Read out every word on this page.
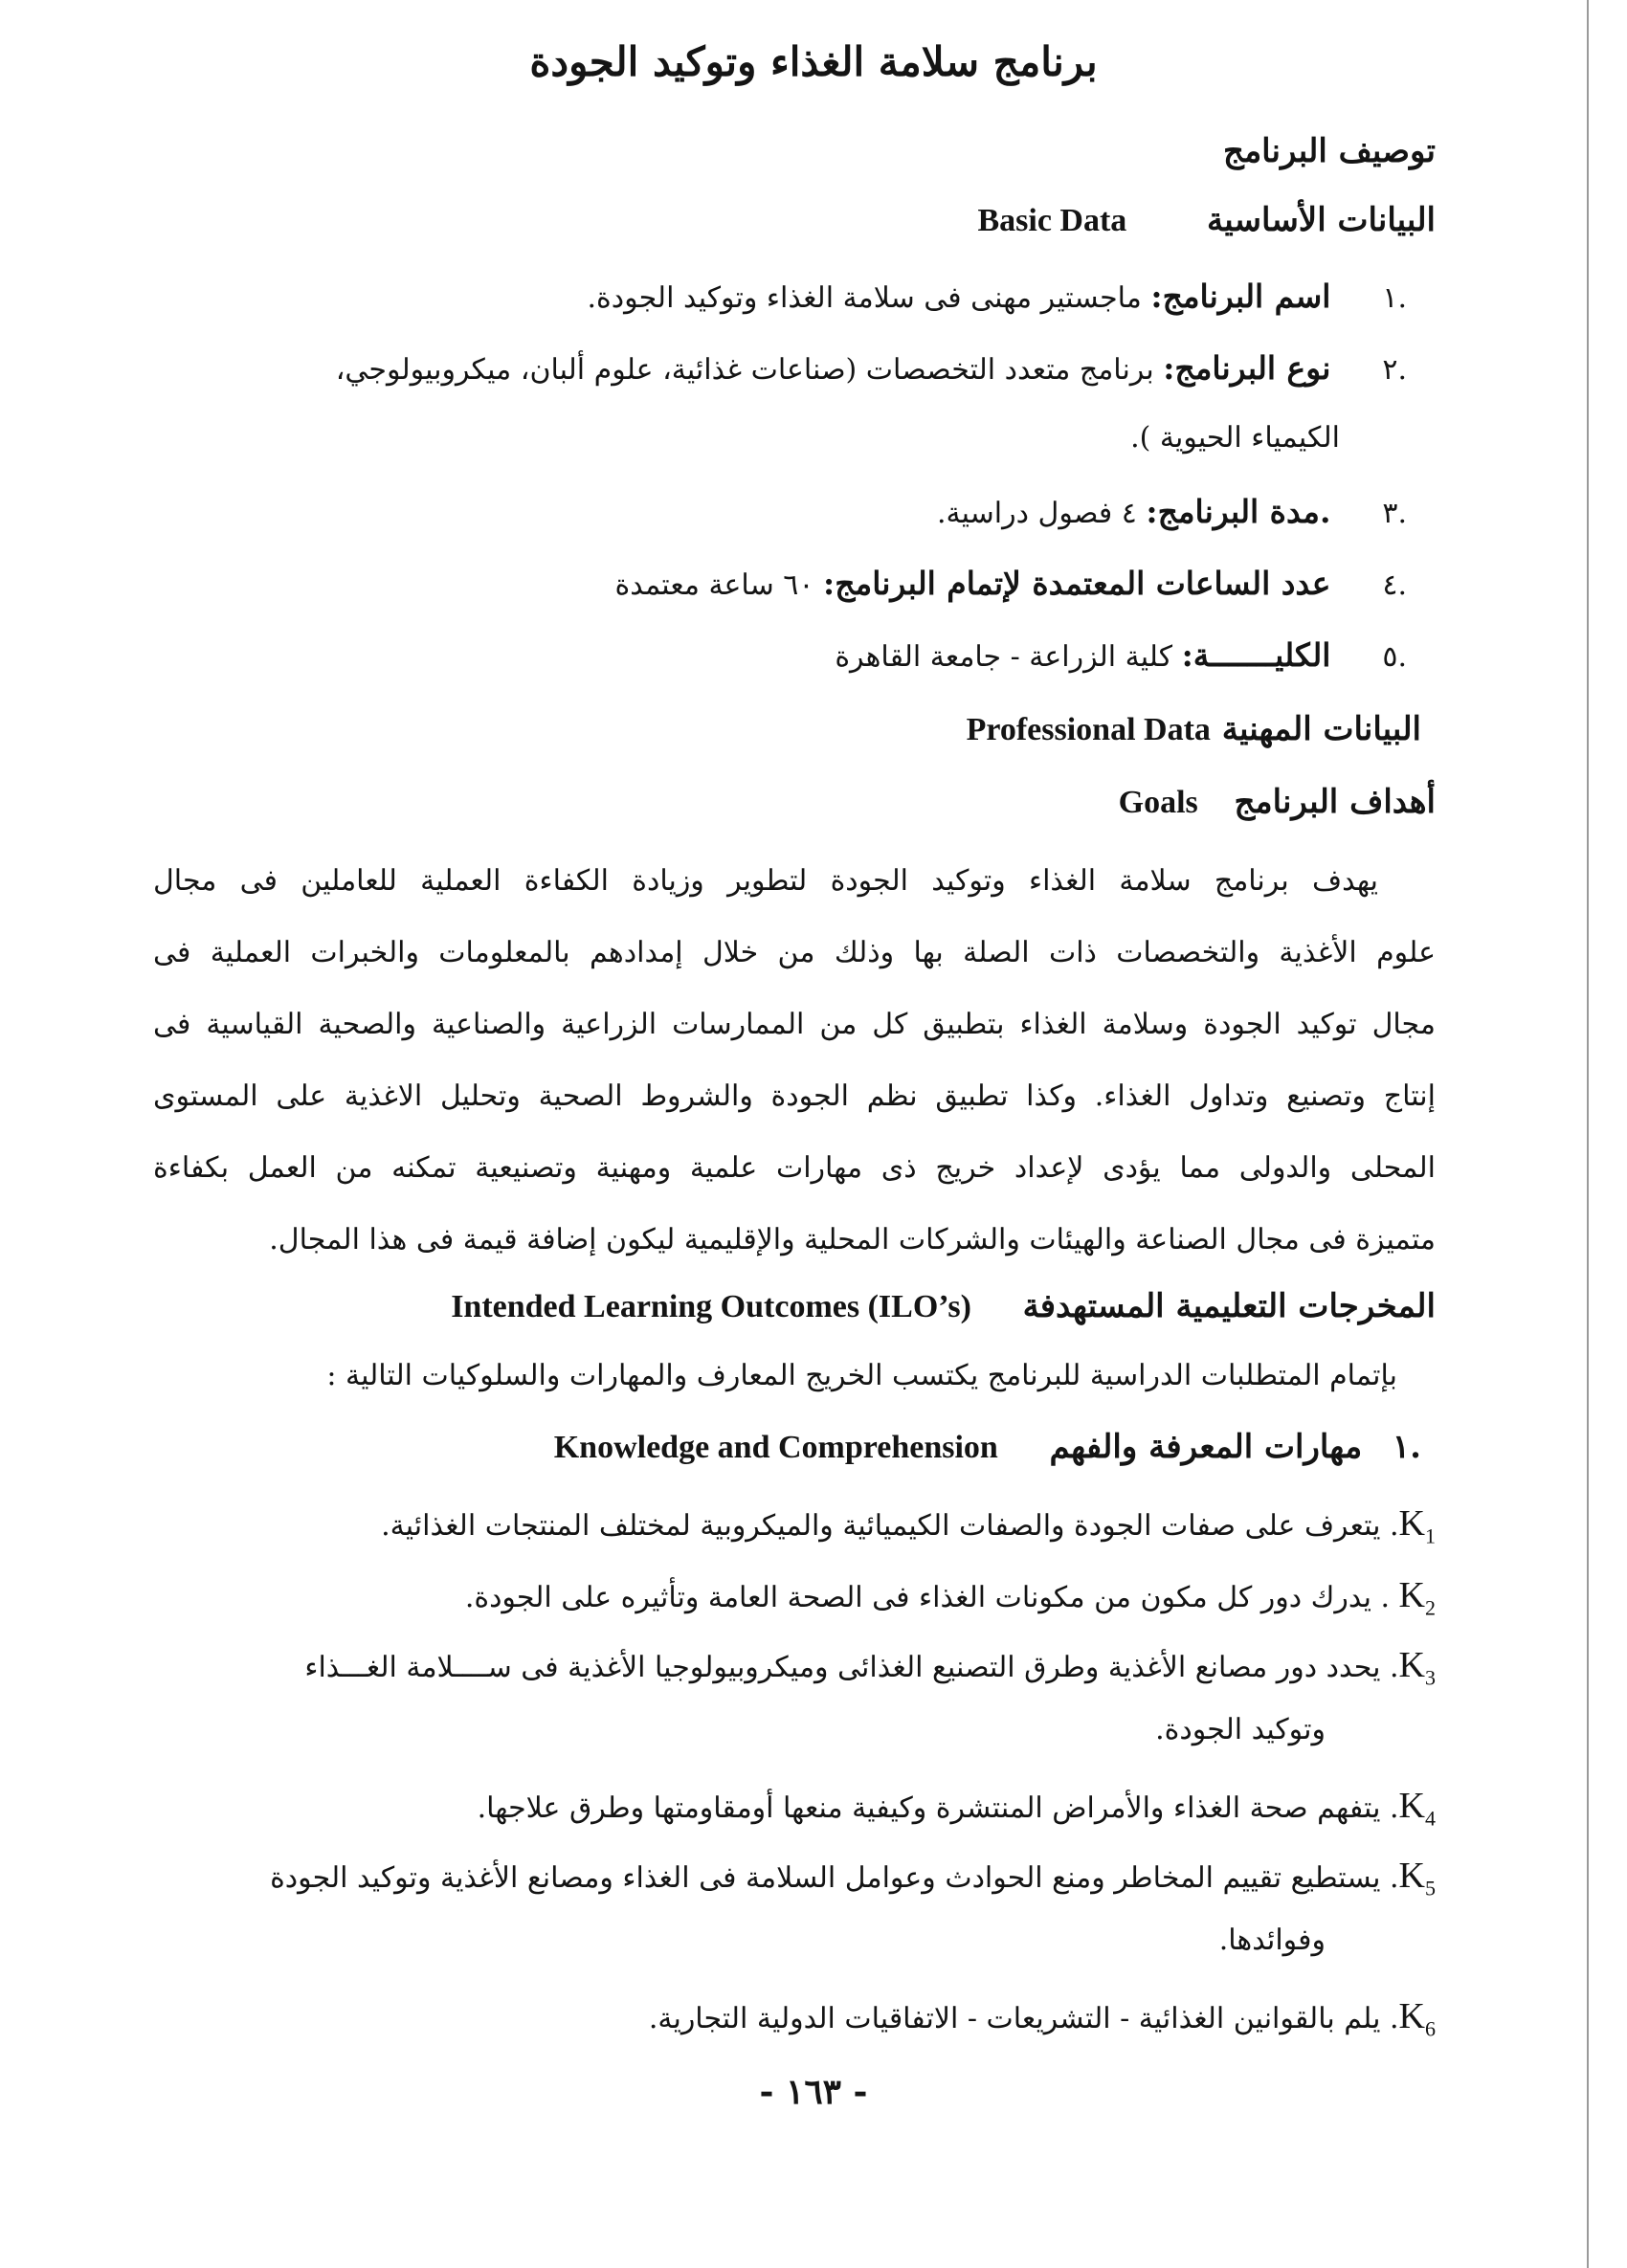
برنامج سلامة الغذاء وتوكيد الجودة
توصيف البرنامج
البيانات الأساسية  Basic Data
.١ اسم البرنامج: ماجستير مهنى فى سلامة الغذاء وتوكيد الجودة.
.٢ نوع البرنامج: برنامج متعدد التخصصات (صناعات غذائية، علوم ألبان، ميكروبيولوجي،
الكيمياء الحيوية ).
.٣ .مدة البرنامج: ٤ فصول دراسية.
.٤ عدد الساعات المعتمدة لإتمام البرنامج: ٦٠ ساعة معتمدة
.٥ الكليـــــــة: كلية الزراعة - جامعة القاهرة
البيانات المهنية Professional Data
أهداف البرنامج  Goals
يهدف برنامج سلامة الغذاء وتوكيد الجودة لتطوير وزيادة الكفاءة العملية للعاملين فى مجال
علوم الأغذية والتخصصات ذات الصلة بها وذلك من خلال إمدادهم بالمعلومات والخبرات العملية فى
مجال توكيد الجودة وسلامة الغذاء بتطبيق كل من الممارسات الزراعية والصناعية والصحية القياسية فى
إنتاج وتصنيع وتداول الغذاء. وكذا تطبيق نظم الجودة والشروط الصحية وتحليل الاغذية على المستوى
المحلى والدولى مما يؤدى لإعداد خريج ذى مهارات علمية ومهنية وتصنيعية تمكنه من العمل بكفاءة
متميزة فى مجال الصناعة والهيئات والشركات المحلية والإقليمية ليكون إضافة قيمة فى هذا المجال.
المخرجات التعليمية المستهدفة  Intended Learning Outcomes (ILO’s)
بإتمام المتطلبات الدراسية للبرنامج يكتسب الخريج المعارف والمهارات والسلوكيات التالية :
.١ مهارات المعرفة والفهم  Knowledge and Comprehension
$K_1$. يتعرف على صفات الجودة والصفات الكيميائية والميكروبية لمختلف المنتجات الغذائية.
$K_2$ . يدرك دور كل مكون من مكونات الغذاء فى الصحة العامة وتأثيره على الجودة.
$K_3$. يحدد دور مصانع الأغذية وطرق التصنيع الغذائى وميكروبيولوجيا الأغذية فى ســــلامة الغـــذاء
وتوكيد الجودة.
$K_4$. يتفهم صحة الغذاء والأمراض المنتشرة وكيفية منعها أومقاومتها وطرق علاجها.
$K_5$. يستطيع تقييم المخاطر ومنع الحوادث وعوامل السلامة فى الغذاء ومصانع الأغذية وتوكيد الجودة
وفوائدها.
$K_6$. يلم بالقوانين الغذائية - التشريعات - الاتفاقيات الدولية التجارية.
- ١٦٣ -
